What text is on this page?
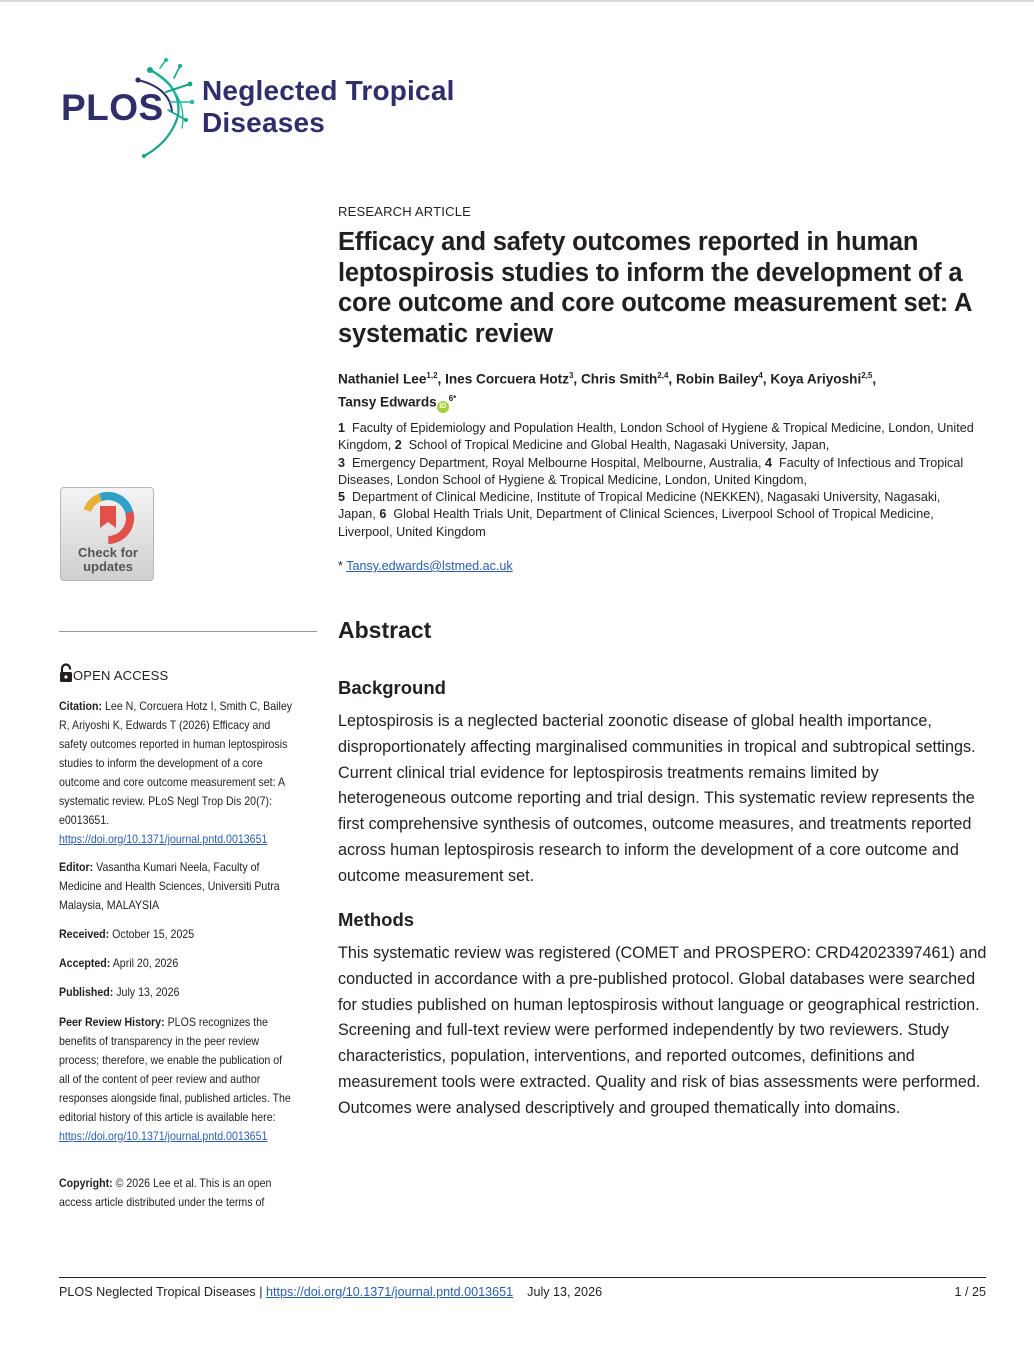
PLOS Neglected Tropical
Diseases
RESEARCH ARTICLE
Efficacy and safety outcomes reported in human leptospirosis studies to inform the development of a core outcome and core outcome measurement set: A systematic review
Nathaniel Lee$^{1,2}$, Ines Corcuera Hotz$^3$, Chris Smith$^{2,4}$, Robin Bailey$^4$, Koya Ariyoshi$^{2,5}$,
Tansy Edwards $iD^{6*}$
1 Faculty of Epidemiology and Population Health, London School of Hygiene & Tropical Medicine, London, United Kingdom, 2 School of Tropical Medicine and Global Health, Nagasaki University, Japan,
3 Emergency Department, Royal Melbourne Hospital, Melbourne, Australia, 4 Faculty of Infectious and Tropical Diseases, London School of Hygiene & Tropical Medicine, London, United Kingdom,
5 Department of Clinical Medicine, Institute of Tropical Medicine (NEKKEN), Nagasaki University, Nagasaki, Japan, 6 Global Health Trials Unit, Department of Clinical Sciences, Liverpool School of Tropical Medicine, Liverpool, United Kingdom
* Tansy.edwards@lstmed.ac.uk
Abstract
Background
Leptospirosis is a neglected bacterial zoonotic disease of global health importance, disproportionately affecting marginalised communities in tropical and subtropical settings. Current clinical trial evidence for leptospirosis treatments remains limited by heterogeneous outcome reporting and trial design. This systematic review represents the first comprehensive synthesis of outcomes, outcome measures, and treatments reported across human leptospirosis research to inform the development of a core outcome and outcome measurement set.
Methods
This systematic review was registered (COMET and PROSPERO: CRD42023397461) and conducted in accordance with a pre-published protocol. Global databases were searched for studies published on human leptospirosis without language or geographical restriction. Screening and full-text review were performed independently by two reviewers. Study characteristics, population, interventions, and reported outcomes, definitions and measurement tools were extracted. Quality and risk of bias assessments were performed. Outcomes were analysed descriptively and grouped thematically into domains.
Check for
updates
OPEN ACCESS
Citation: Lee N, Corcuera Hotz I, Smith C, Bailey R, Ariyoshi K, Edwards T (2026) Efficacy and safety outcomes reported in human leptospirosis studies to inform the development of a core outcome and core outcome measurement set: A systematic review. PLoS Negl Trop Dis 20(7): e0013651. https://doi.org/10.1371/journal.pntd.0013651
Editor: Vasantha Kumari Neela, Faculty of Medicine and Health Sciences, Universiti Putra Malaysia, MALAYSIA
Received: October 15, 2025
Accepted: April 20, 2026
Published: July 13, 2026
Peer Review History: PLOS recognizes the benefits of transparency in the peer review process; therefore, we enable the publication of all of the content of peer review and author responses alongside final, published articles. The editorial history of this article is available here: https://doi.org/10.1371/journal.pntd.0013651
Copyright: © 2026 Lee et al. This is an open access article distributed under the terms of
PLOS Neglected Tropical Diseases | https://doi.org/10.1371/journal.pntd.0013651 July 13, 2026	1 / 25
